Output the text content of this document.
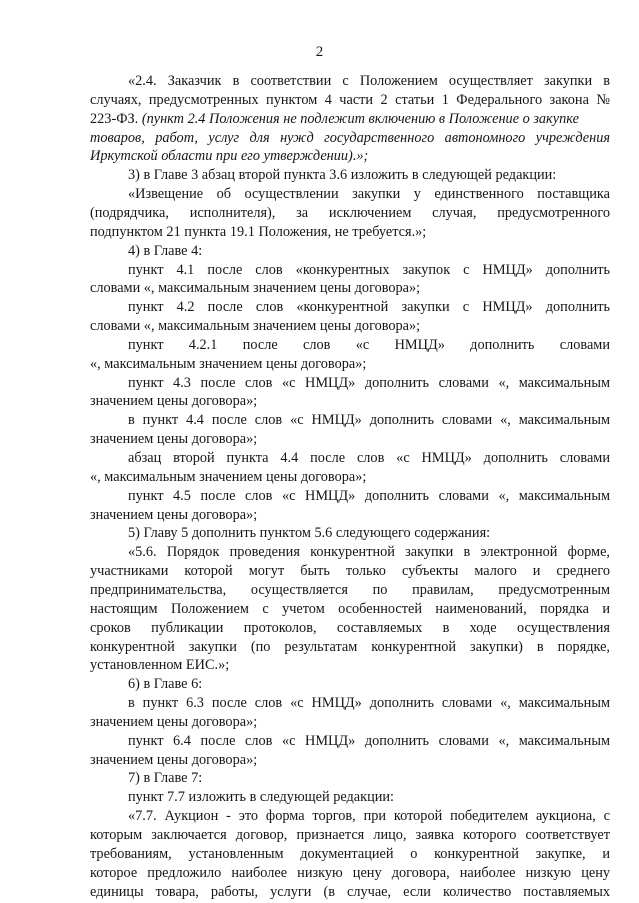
2
«2.4. Заказчик в соответствии с Положением осуществляет закупки в
случаях, предусмотренных пунктом 4 части 2 статьи 1 Федерального закона №
223-ФЗ. (пункт 2.4 Положения не подлежит включению в Положение о закупке
товаров, работ, услуг для нужд государственного автономного учреждения
Иркутской области при его утверждении).»;
3) в Главе 3 абзац второй пункта 3.6 изложить в следующей редакции:
«Извещение об осуществлении закупки у единственного поставщика
(подрядчика, исполнителя), за исключением случая, предусмотренного
подпунктом 21 пункта 19.1 Положения, не требуется.»;
4) в Главе 4:
пункт 4.1 после слов «конкурентных закупок с НМЦД» дополнить
словами «, максимальным значением цены договора»;
пункт 4.2 после слов «конкурентной закупки с НМЦД» дополнить
словами «, максимальным значением цены договора»;
пункт 4.2.1 после слов «с НМЦД» дополнить словами
«, максимальным значением цены договора»;
пункт 4.3 после слов «с НМЦД» дополнить словами «, максимальным
значением цены договора»;
в пункт 4.4 после слов «с НМЦД» дополнить словами «, максимальным
значением цены договора»;
абзац второй пункта 4.4 после слов «с НМЦД» дополнить словами
«, максимальным значением цены договора»;
пункт 4.5 после слов «с НМЦД» дополнить словами «, максимальным
значением цены договора»;
5) Главу 5 дополнить пунктом 5.6 следующего содержания:
«5.6. Порядок проведения конкурентной закупки в электронной форме,
участниками которой могут быть только субъекты малого и среднего
предпринимательства, осуществляется по правилам, предусмотренным
настоящим Положением с учетом особенностей наименований, порядка и
сроков публикации протоколов, составляемых в ходе осуществления
конкурентной закупки (по результатам конкурентной закупки) в порядке,
установленном ЕИС.»;
6) в Главе 6:
в пункт 6.3 после слов «с НМЦД» дополнить словами «, максимальным
значением цены договора»;
пункт 6.4 после слов «с НМЦД» дополнить словами «, максимальным
значением цены договора»;
7) в Главе 7:
пункт 7.7 изложить в следующей редакции:
«7.7. Аукцион - это форма торгов, при которой победителем аукциона, с
которым заключается договор, признается лицо, заявка которого соответствует
требованиям, установленным документацией о конкурентной закупке, и
которое предложило наиболее низкую цену договора, наиболее низкую цену
единицы товара, работы, услуги (в случае, если количество поставляемых
